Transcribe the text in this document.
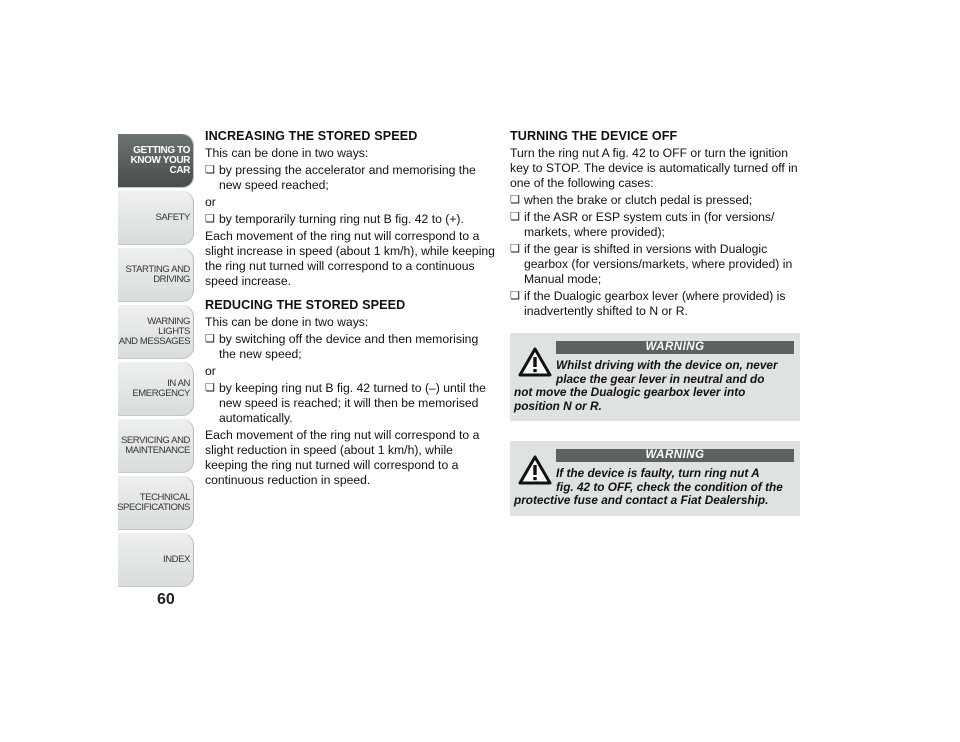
GETTING TO
KNOW YOUR CAR
SAFETY
STARTING AND
DRIVING
WARNING LIGHTS
AND MESSAGES
IN AN EMERGENCY
SERVICING AND
MAINTENANCE
TECHNICAL
SPECIFICATIONS
INDEX
60
INCREASING THE STORED SPEED

This can be done in two ways:

❏ by pressing the accelerator and memorising the new speed reached;

or

❏ by temporarily turning ring nut B fig. 42 to (+).

Each movement of the ring nut will correspond to a slight increase in speed (about 1 km/h), while keeping the ring nut turned will correspond to a continuous speed increase.

REDUCING THE STORED SPEED

This can be done in two ways:

❏ by switching off the device and then memorising the new speed;

or

❏ by keeping ring nut B fig. 42 turned to (–) until the new speed is reached; it will then be memorised automatically.

Each movement of the ring nut will correspond to a slight reduction in speed (about 1 km/h), while keeping the ring nut turned will correspond to a continuous reduction in speed.

TURNING THE DEVICE OFF

Turn the ring nut A fig. 42 to OFF or turn the ignition key to STOP. The device is automatically turned off in one of the following cases:

❏ when the brake or clutch pedal is pressed;
❏ if the ASR or ESP system cuts in (for versions/ markets, where provided);
❏ if the gear is shifted in versions with Dualogic gearbox (for versions/markets, where provided) in Manual mode;
❏ if the Dualogic gearbox lever (where provided) is inadvertently shifted to N or R.
WARNING
Whilst driving with the device on, never
place the gear lever in neutral and do
not move the Dualogic gearbox lever into position N or R.
WARNING
If the device is faulty, turn ring nut A
fig. 42 to OFF, check the condition of the
protective fuse and contact a Fiat Dealership.
